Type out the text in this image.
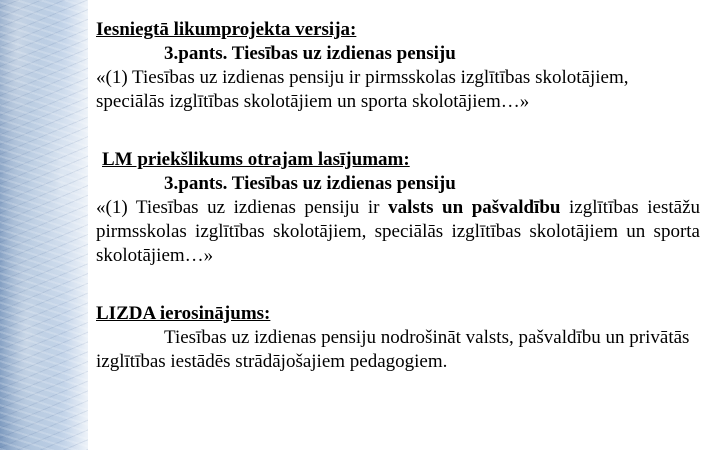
Iesniegtā likumprojekta versija:

3.pants. Tiesības uz izdienas pensiju

«(1) Tiesības uz izdienas pensiju ir pirmsskolas izglītības skolotājiem, speciālās izglītības skolotājiem un sporta skolotājiem…»

LM priekšlikums otrajam lasījumam:

3.pants. Tiesības uz izdienas pensiju

«(1) Tiesības uz izdienas pensiju ir valsts un pašvaldību izglītības iestāžu pirmsskolas izglītības skolotājiem, speciālās izglītības skolotājiem un sporta skolotājiem…»

LIZDA ierosinājums:

Tiesības uz izdienas pensiju nodrošināt valsts, pašvaldību un privātās izglītības iestādēs strādājošajiem pedagogiem.
